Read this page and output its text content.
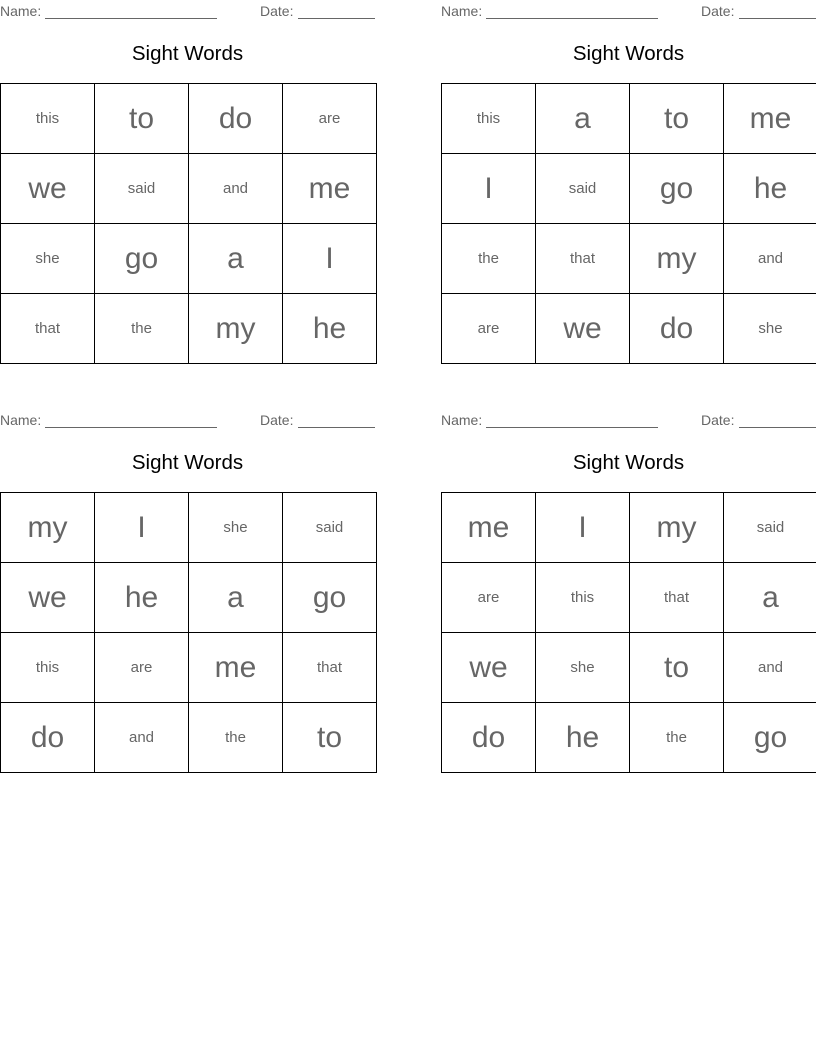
Name:	Date:
Sight Words
this	to	do	are
we	said	and	me
she	go	a	I
that	the	my	he
Name:	Date:
Sight Words
this	a	to	me
I	said	go	he
the	that	my	and
are	we	do	she
Name:	Date:
Sight Words
my	I	she	said
we	he	a	go
this	are	me	that
do	and	the	to
Name:	Date:
Sight Words
me	I	my	said
are	this	that	a
we	she	to	and
do	he	the	go
